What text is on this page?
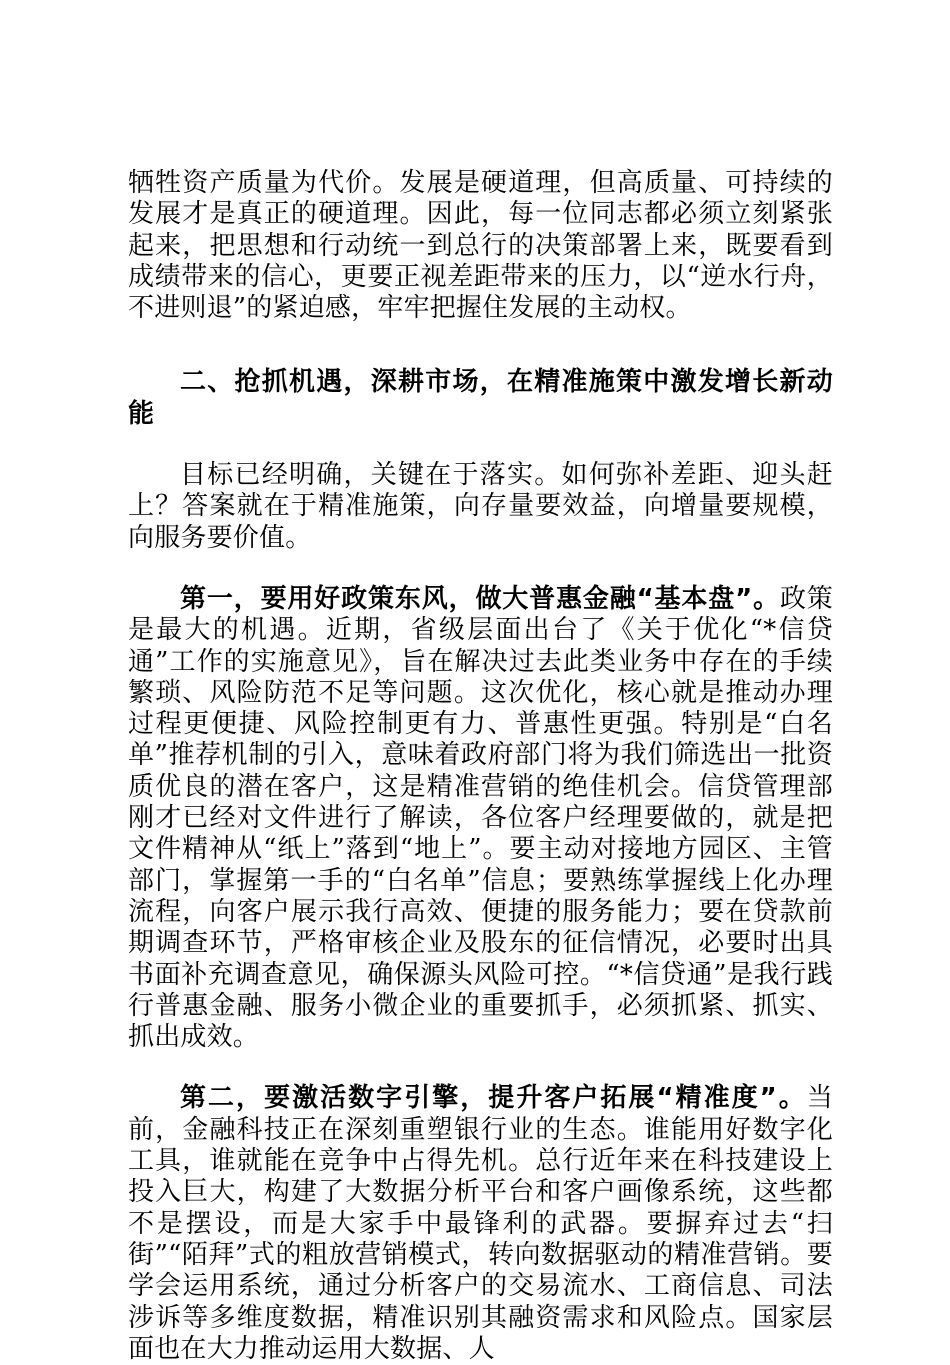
牺牲资产质量为代价。发展是硬道理，但高质量、可持续的发展才是真正的硬道理。因此，每一位同志都必须立刻紧张起来，把思想和行动统一到总行的决策部署上来，既要看到成绩带来的信心，更要正视差距带来的压力，以“逆水行舟，不进则退”的紧迫感，牢牢把握住发展的主动权。

二、抢抓机遇，深耕市场，在精准施策中激发增长新动能

目标已经明确，关键在于落实。如何弥补差距、迎头赶上？答案就在于精准施策，向存量要效益，向增量要规模，向服务要价值。

第一，要用好政策东风，做大普惠金融“基本盘”。政策是最大的机遇。近期，省级层面出台了《关于优化“*信贷通”工作的实施意见》，旨在解决过去此类业务中存在的手续繁琐、风险防范不足等问题。这次优化，核心就是推动办理过程更便捷、风险控制更有力、普惠性更强。特别是“白名单”推荐机制的引入，意味着政府部门将为我们筛选出一批资质优良的潜在客户，这是精准营销的绝佳机会。信贷管理部刚才已经对文件进行了解读，各位客户经理要做的，就是把文件精神从“纸上”落到“地上”。要主动对接地方园区、主管部门，掌握第一手的“白名单”信息；要熟练掌握线上化办理流程，向客户展示我行高效、便捷的服务能力；要在贷款前期调查环节，严格审核企业及股东的征信情况，必要时出具书面补充调查意见，确保源头风险可控。“*信贷通”是我行践行普惠金融、服务小微企业的重要抓手，必须抓紧、抓实、抓出成效。

第二，要激活数字引擎，提升客户拓展“精准度”。当前，金融科技正在深刻重塑银行业的生态。谁能用好数字化工具，谁就能在竞争中占得先机。总行近年来在科技建设上投入巨大，构建了大数据分析平台和客户画像系统，这些都不是摆设，而是大家手中最锋利的武器。要摒弃过去“扫街”“陌拜”式的粗放营销模式，转向数据驱动的精准营销。要学会运用系统，通过分析客户的交易流水、工商信息、司法涉诉等多维度数据，精准识别其融资需求和风险点。国家层面也在大力推动运用大数据、人
